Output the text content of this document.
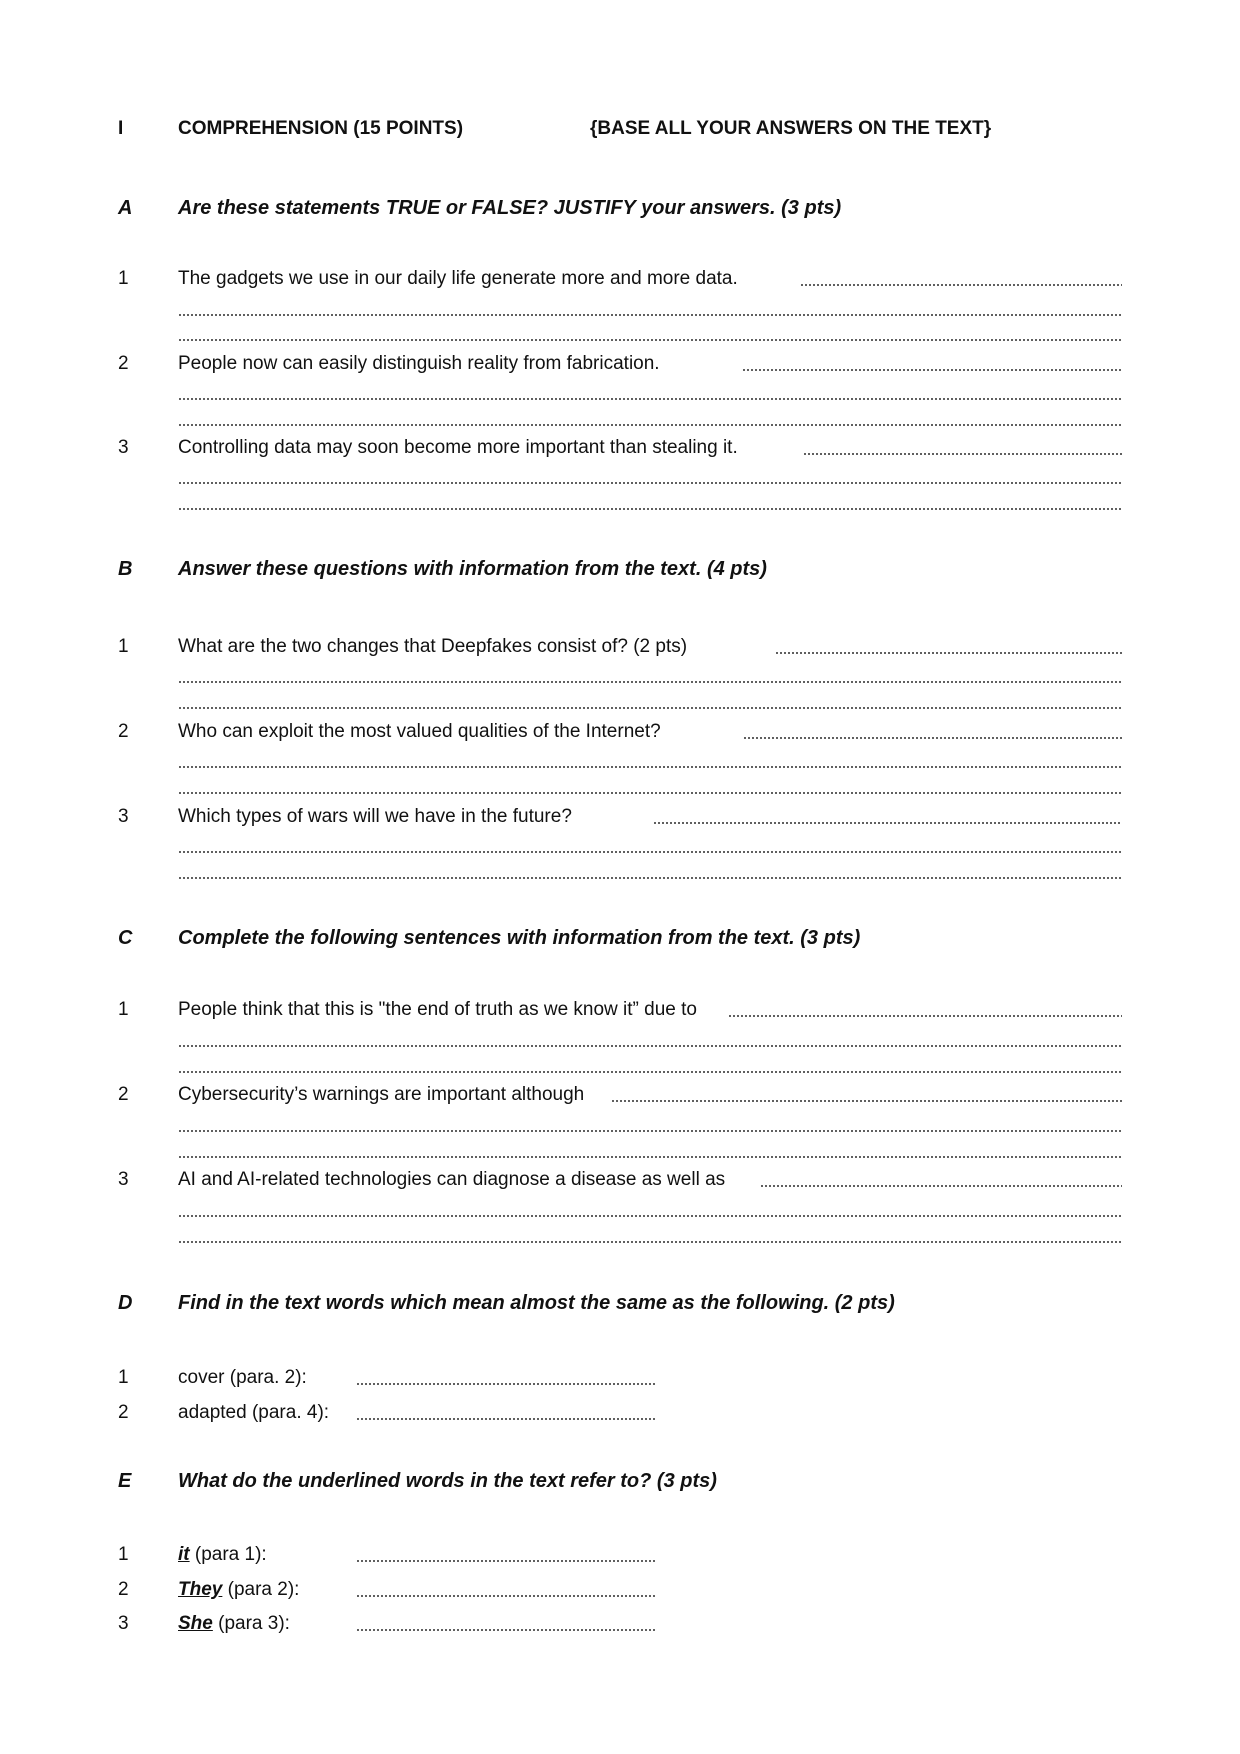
I	COMPREHENSION (15 POINTS)	{BASE ALL YOUR ANSWERS ON THE TEXT}
A	Are these statements TRUE or FALSE? JUSTIFY your answers. (3 pts)
1	The gadgets we use in our daily life generate more and more data.
2	People now can easily distinguish reality from fabrication.
3	Controlling data may soon become more important than stealing it.
B	Answer these questions with information from the text. (4 pts)
1	What are the two changes that Deepfakes consist of? (2 pts)
2	Who can exploit the most valued qualities of the Internet?
3	Which types of wars will we have in the future?
C	Complete the following sentences with information from the text. (3 pts)
1	People think that this is "the end of truth as we know it” due to
2	Cybersecurity’s warnings are important although
3	AI and AI-related technologies can diagnose a disease as well as
D	Find in the text words which mean almost the same as the following. (2 pts)
1	cover (para. 2):
2	adapted (para. 4):
E	What do the underlined words in the text refer to? (3 pts)
1	it (para 1):
2	They (para 2):
3	She (para 3):
